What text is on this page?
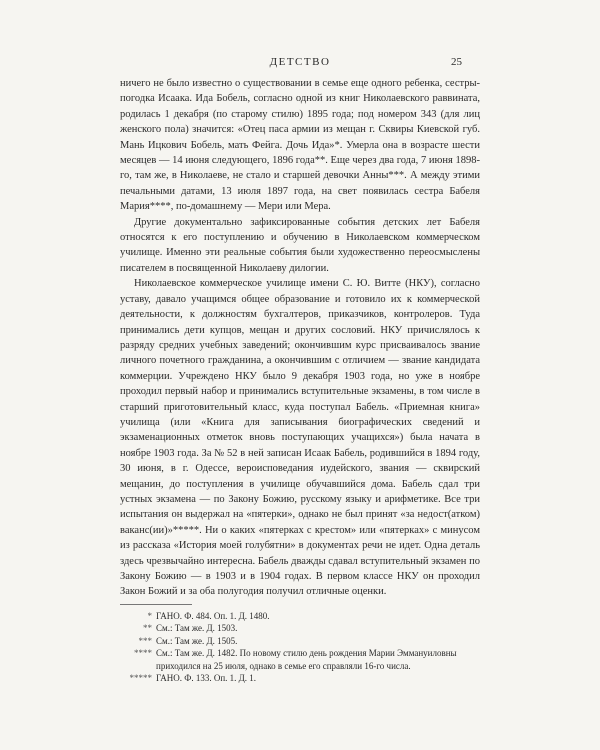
ДЕТСТВО	25

ничего не было известно о существовании в семье еще одного ребенка, сестры-погодка Исаака. Ида Бобель, согласно одной из книг Николаевского раввината, родилась 1 декабря (по старому стилю) 1895 года; под номером 343 (для лиц женского пола) значится: «Отец паса армии из мещан г. Сквиры Киевской губ. Мань Ицкович Бобель, мать Фейга. Дочь Ида»*. Умерла она в возрасте шести месяцев — 14 июня следующего, 1896 года**. Еще через два года, 7 июня 1898-го, там же, в Николаеве, не стало и старшей девочки Анны***. А между этими печальными датами, 13 июля 1897 года, на свет появилась сестра Бабеля Мария****, по-домашнему — Мери или Мера.

Другие документально зафиксированные события детских лет Бабеля относятся к его поступлению и обучению в Николаевском коммерческом училище. Именно эти реальные события были художественно переосмыслены писателем в посвященной Николаеву дилогии.

Николаевское коммерческое училище имени С. Ю. Витте (НКУ), согласно уставу, давало учащимся общее образование и готовило их к коммерческой деятельности, к должностям бухгалтеров, приказчиков, контролеров. Туда принимались дети купцов, мещан и других сословий. НКУ причислялось к разряду средних учебных заведений; окончившим курс присваивалось звание личного почетного гражданина, а окончившим с отличием — звание кандидата коммерции. Учреждено НКУ было 9 декабря 1903 года, но уже в ноябре проходил первый набор и принимались вступительные экзамены, в том числе в старший приготовительный класс, куда поступал Бабель. «Приемная книга» училища (или «Книга для записывания биографических сведений и экзаменационных отметок вновь поступающих учащихся») была начата в ноябре 1903 года. За № 52 в ней записан Исаак Бабель, родившийся в 1894 году, 30 июня, в г. Одессе, вероисповедания иудейского, звания — сквирский мещанин, до поступления в училище обучавшийся дома. Бабель сдал три устных экзамена — по Закону Божию, русскому языку и арифметике. Все три испытания он выдержал на «пятерки», однако не был принят «за недост(атком) ваканс(ии)»*****. Ни о каких «пятерках с крестом» или «пятерках» с минусом из рассказа «История моей голубятни» в документах речи не идет. Одна деталь здесь чрезвычайно интересна. Бабель дважды сдавал вступительный экзамен по Закону Божию — в 1903 и в 1904 годах. В первом классе НКУ он проходил Закон Божий и за оба полугодия получил отличные оценки.

* ГАНО. Ф. 484. Оп. 1. Д. 1480.
** См.: Там же. Д. 1503.
*** См.: Там же. Д. 1505.
**** См.: Там же. Д. 1482. По новому стилю день рождения Марии Эммануиловны приходился на 25 июля, однако в семье его справляли 16-го числа.
***** ГАНО. Ф. 133. Оп. 1. Д. 1.
